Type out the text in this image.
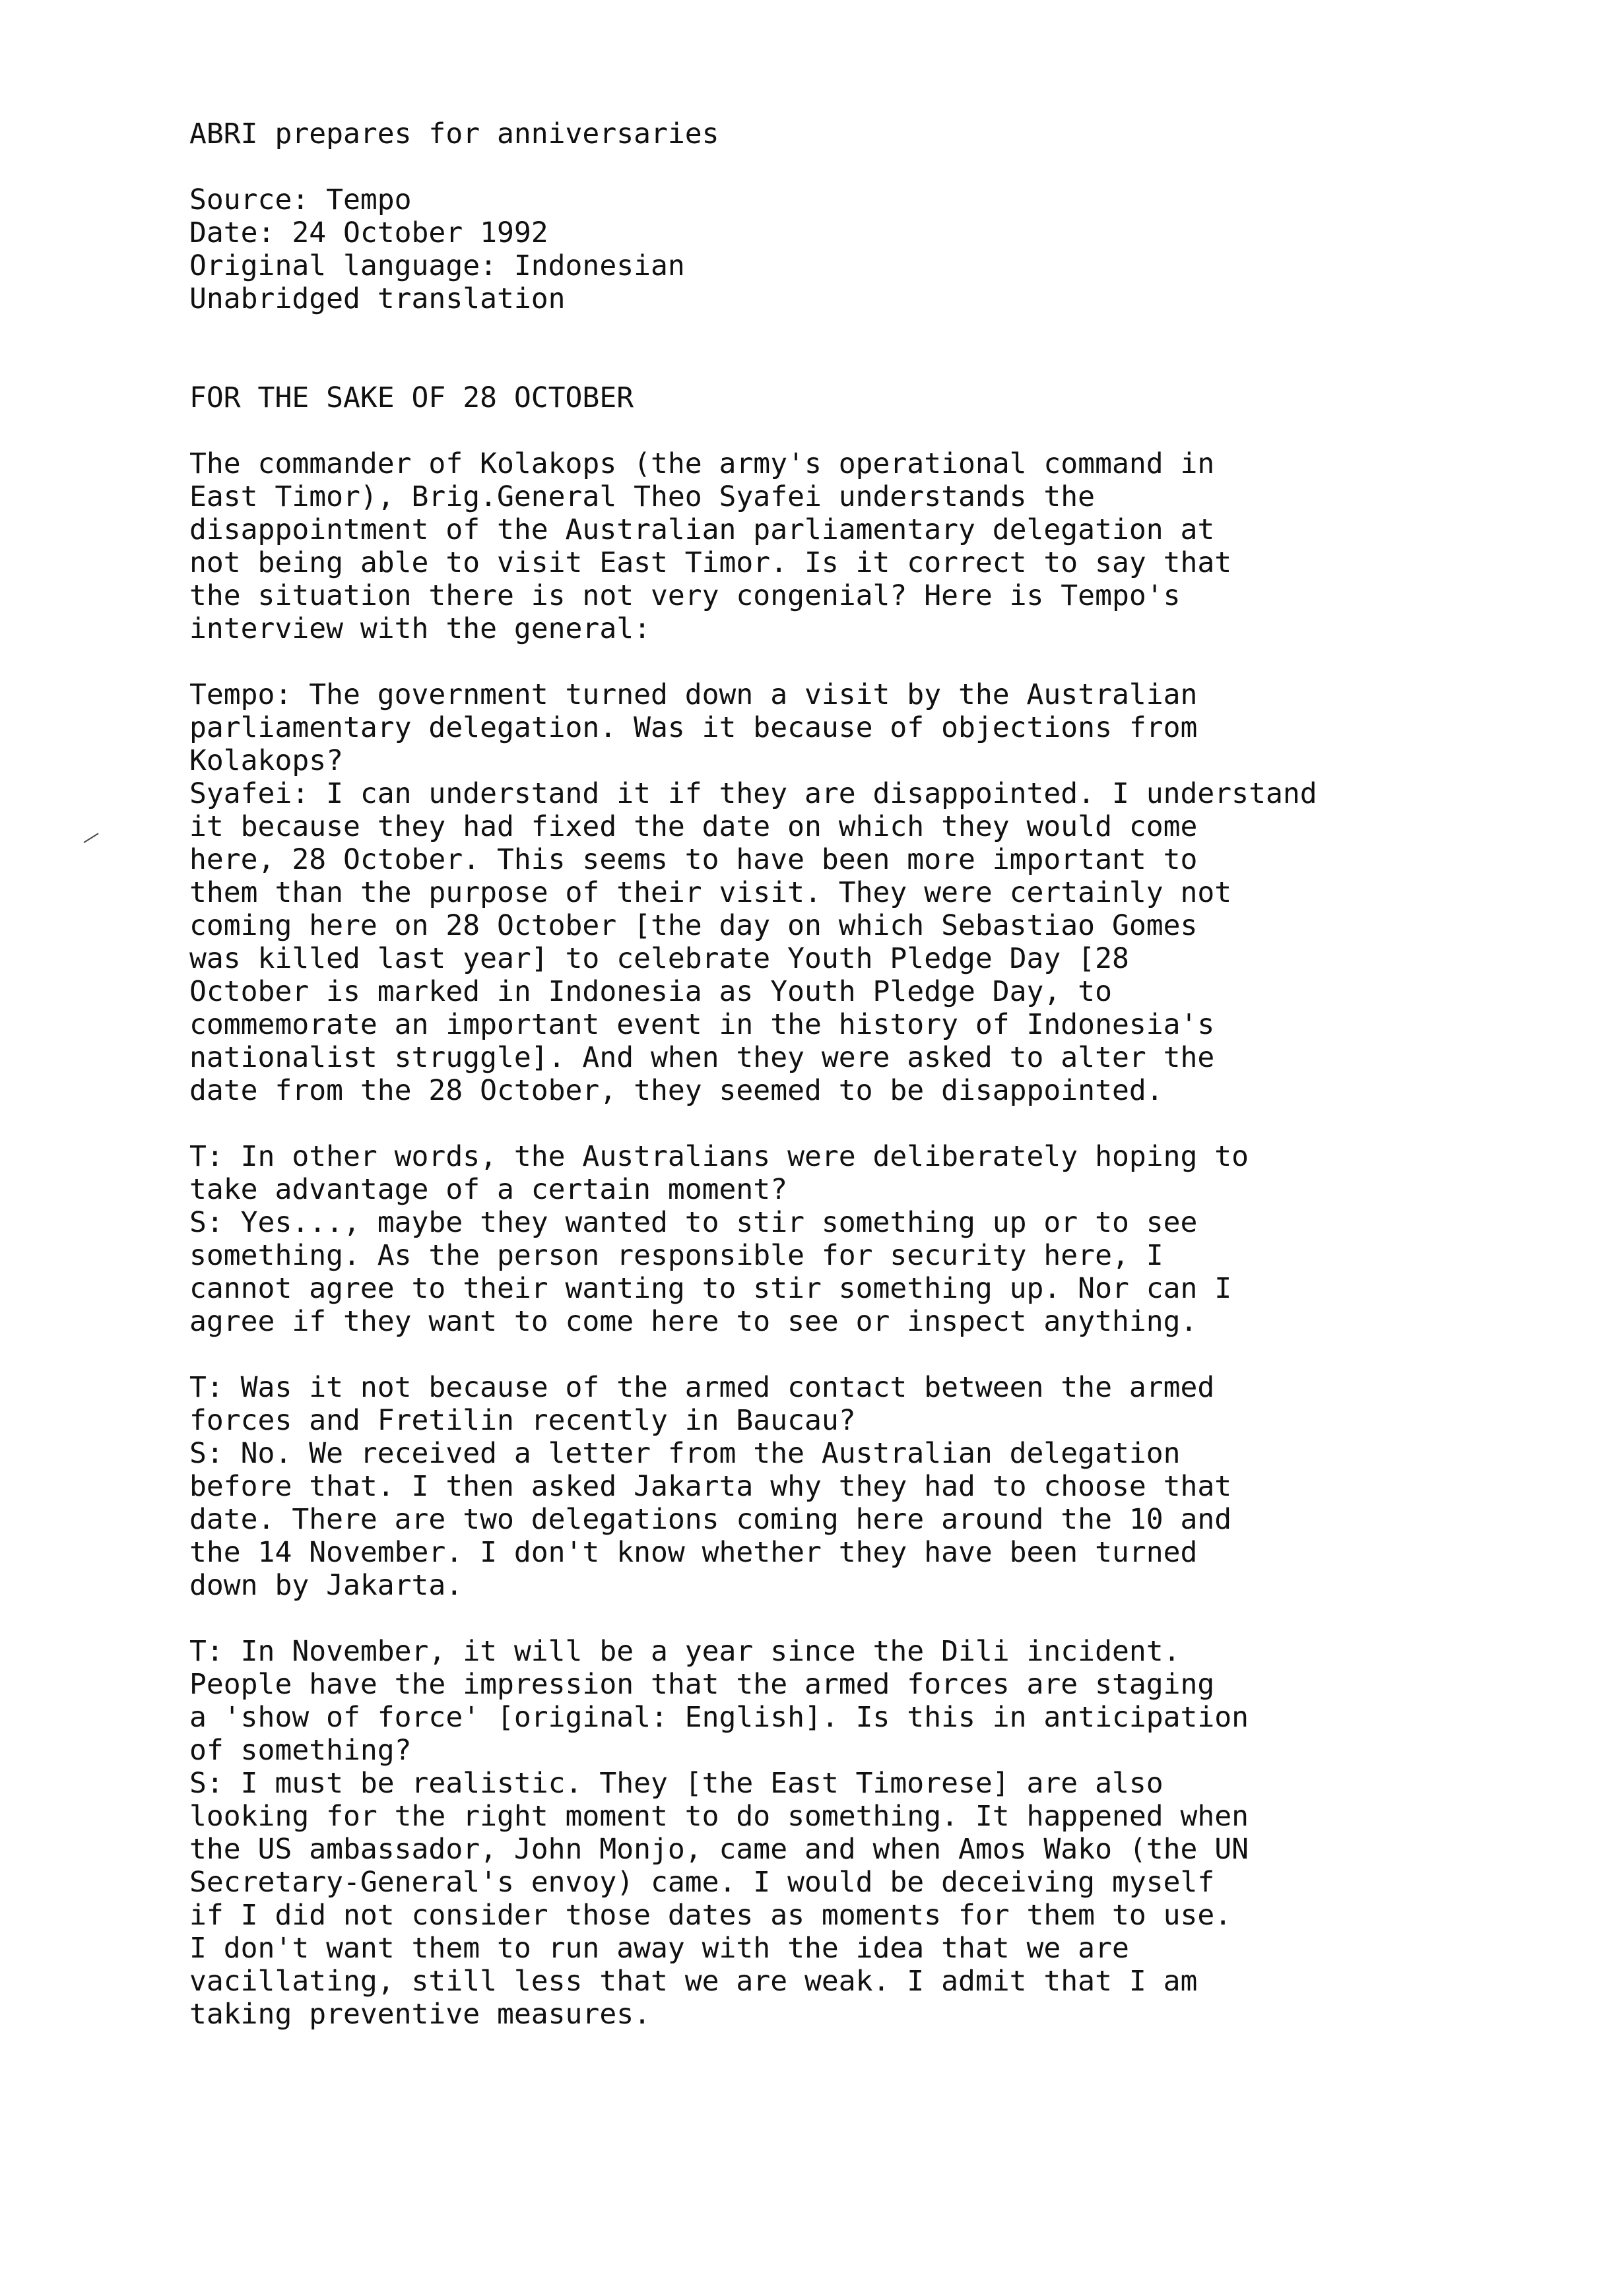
ABRI prepares for anniversaries
Source: Tempo
Date: 24 October 1992
Original language: Indonesian
Unabridged translation
FOR THE SAKE OF 28 OCTOBER
The commander of Kolakops (the army's operational command in
East Timor), Brig.General Theo Syafei understands the
disappointment of the Australian parliamentary delegation at
not being able to visit East Timor. Is it correct to say that
the situation there is not very congenial? Here is Tempo's
interview with the general:
Tempo: The government turned down a visit by the Australian
parliamentary delegation. Was it because of objections from
Kolakops?
Syafei: I can understand it if they are disappointed. I understand
it because they had fixed the date on which they would come
here, 28 October. This seems to have been more important to
them than the purpose of their visit. They were certainly not
coming here on 28 October [the day on which Sebastiao Gomes
was killed last year] to celebrate Youth Pledge Day [28
October is marked in Indonesia as Youth Pledge Day, to
commemorate an important event in the history of Indonesia's
nationalist struggle]. And when they were asked to alter the
date from the 28 October, they seemed to be disappointed.
T: In other words, the Australians were deliberately hoping to
take advantage of a certain moment?
S: Yes..., maybe they wanted to stir something up or to see
something. As the person responsible for security here, I
cannot agree to their wanting to stir something up. Nor can I
agree if they want to come here to see or inspect anything.
T: Was it not because of the armed contact between the armed
forces and Fretilin recently in Baucau?
S: No. We received a letter from the Australian delegation
before that. I then asked Jakarta why they had to choose that
date. There are two delegations coming here around the 10 and
the 14 November. I don't know whether they have been turned
down by Jakarta.
T: In November, it will be a year since the Dili incident.
People have the impression that the armed forces are staging
a 'show of force' [original: English]. Is this in anticipation
of something?
S: I must be realistic. They [the East Timorese] are also
looking for the right moment to do something. It happened when
the US ambassador, John Monjo, came and when Amos Wako (the UN
Secretary-General's envoy) came. I would be deceiving myself
if I did not consider those dates as moments for them to use.
I don't want them to run away with the idea that we are
vacillating, still less that we are weak. I admit that I am
taking preventive measures.
